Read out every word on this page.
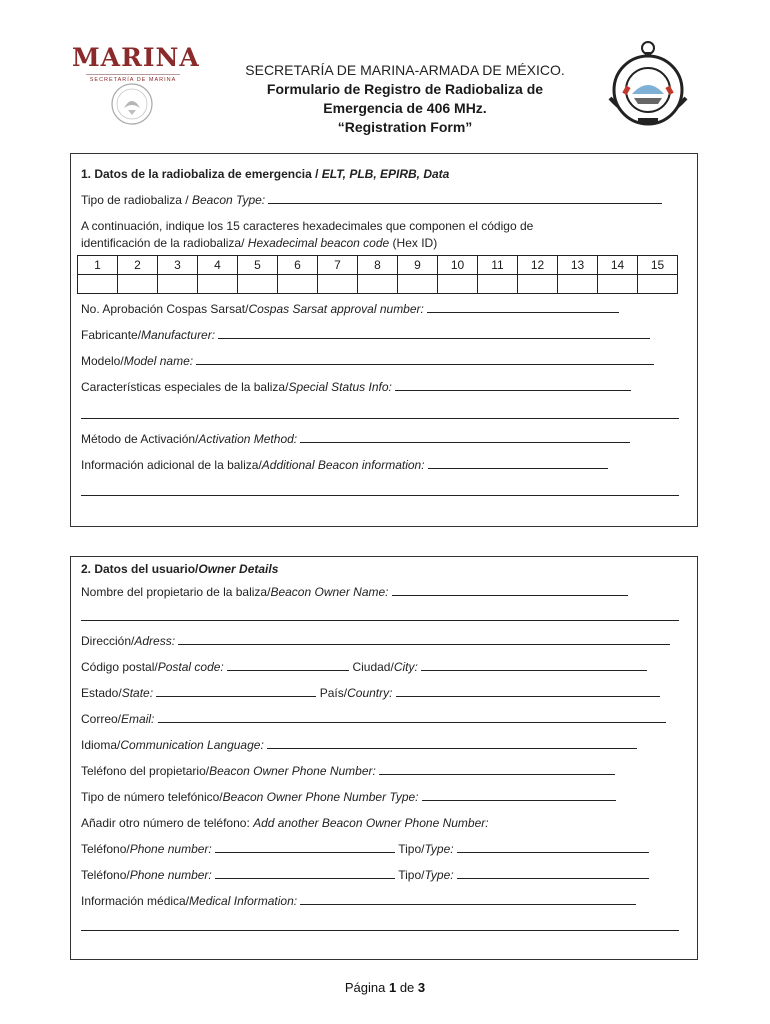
MARINA
SECRETARÍA DE MARINA
SECRETARÍA DE MARINA-ARMADA DE MÉXICO.
Formulario de Registro de Radiobaliza de
Emergencia de 406 MHz.
“Registration Form”
1. Datos de la radiobaliza de emergencia / ELT, PLB, EPIRB, Data
Tipo de radiobaliza / Beacon Type:
A continuación, indique los 15 caracteres hexadecimales que componen el código de
identificación de la radiobaliza/ Hexadecimal beacon code (Hex ID)
1	2	3	4	5	6	7	8	9	10	11	12	13	14	15

No. Aprobación Cospas Sarsat/Cospas Sarsat approval number:
Fabricante/Manufacturer:
Modelo/Model name:
Características especiales de la baliza/Special Status Info:
Método de Activación/Activation Method:
Información adicional de la baliza/Additional Beacon information:
2. Datos del usuario/Owner Details
Nombre del propietario de la baliza/Beacon Owner Name:
Dirección/Adress:
Código postal/Postal code:	Ciudad/City:
Estado/State:	País/Country:
Correo/Email:
Idioma/Communication Language:
Teléfono del propietario/Beacon Owner Phone Number:
Tipo de número telefónico/Beacon Owner Phone Number Type:
Añadir otro número de teléfono: Add another Beacon Owner Phone Number:
Teléfono/Phone number:	Tipo/Type:
Teléfono/Phone number:	Tipo/Type:
Información médica/Medical Information:
Página 1 de 3
